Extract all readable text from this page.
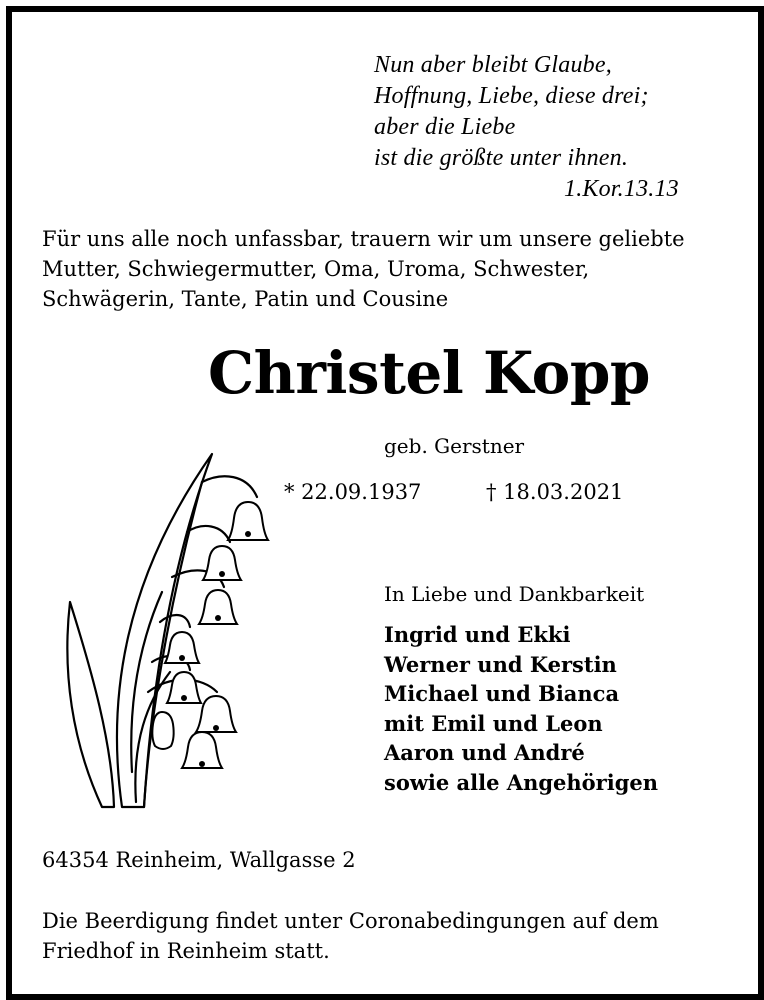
Nun aber bleibt Glaube,
Hoffnung, Liebe, diese drei;
aber die Liebe
ist die größte unter ihnen.
1.Kor.13.13
Für uns alle noch unfassbar, trauern wir um unsere geliebte
Mutter, Schwiegermutter, Oma, Uroma, Schwester,
Schwägerin, Tante, Patin und Cousine
Christel Kopp
geb. Gerstner
* 22.09.1937	† 18.03.2021
In Liebe und Dankbarkeit
Ingrid und Ekki
Werner und Kerstin
Michael und Bianca
mit Emil und Leon
Aaron und André
sowie alle Angehörigen
64354 Reinheim, Wallgasse 2
Die Beerdigung findet unter Coronabedingungen auf dem
Friedhof in Reinheim statt.
